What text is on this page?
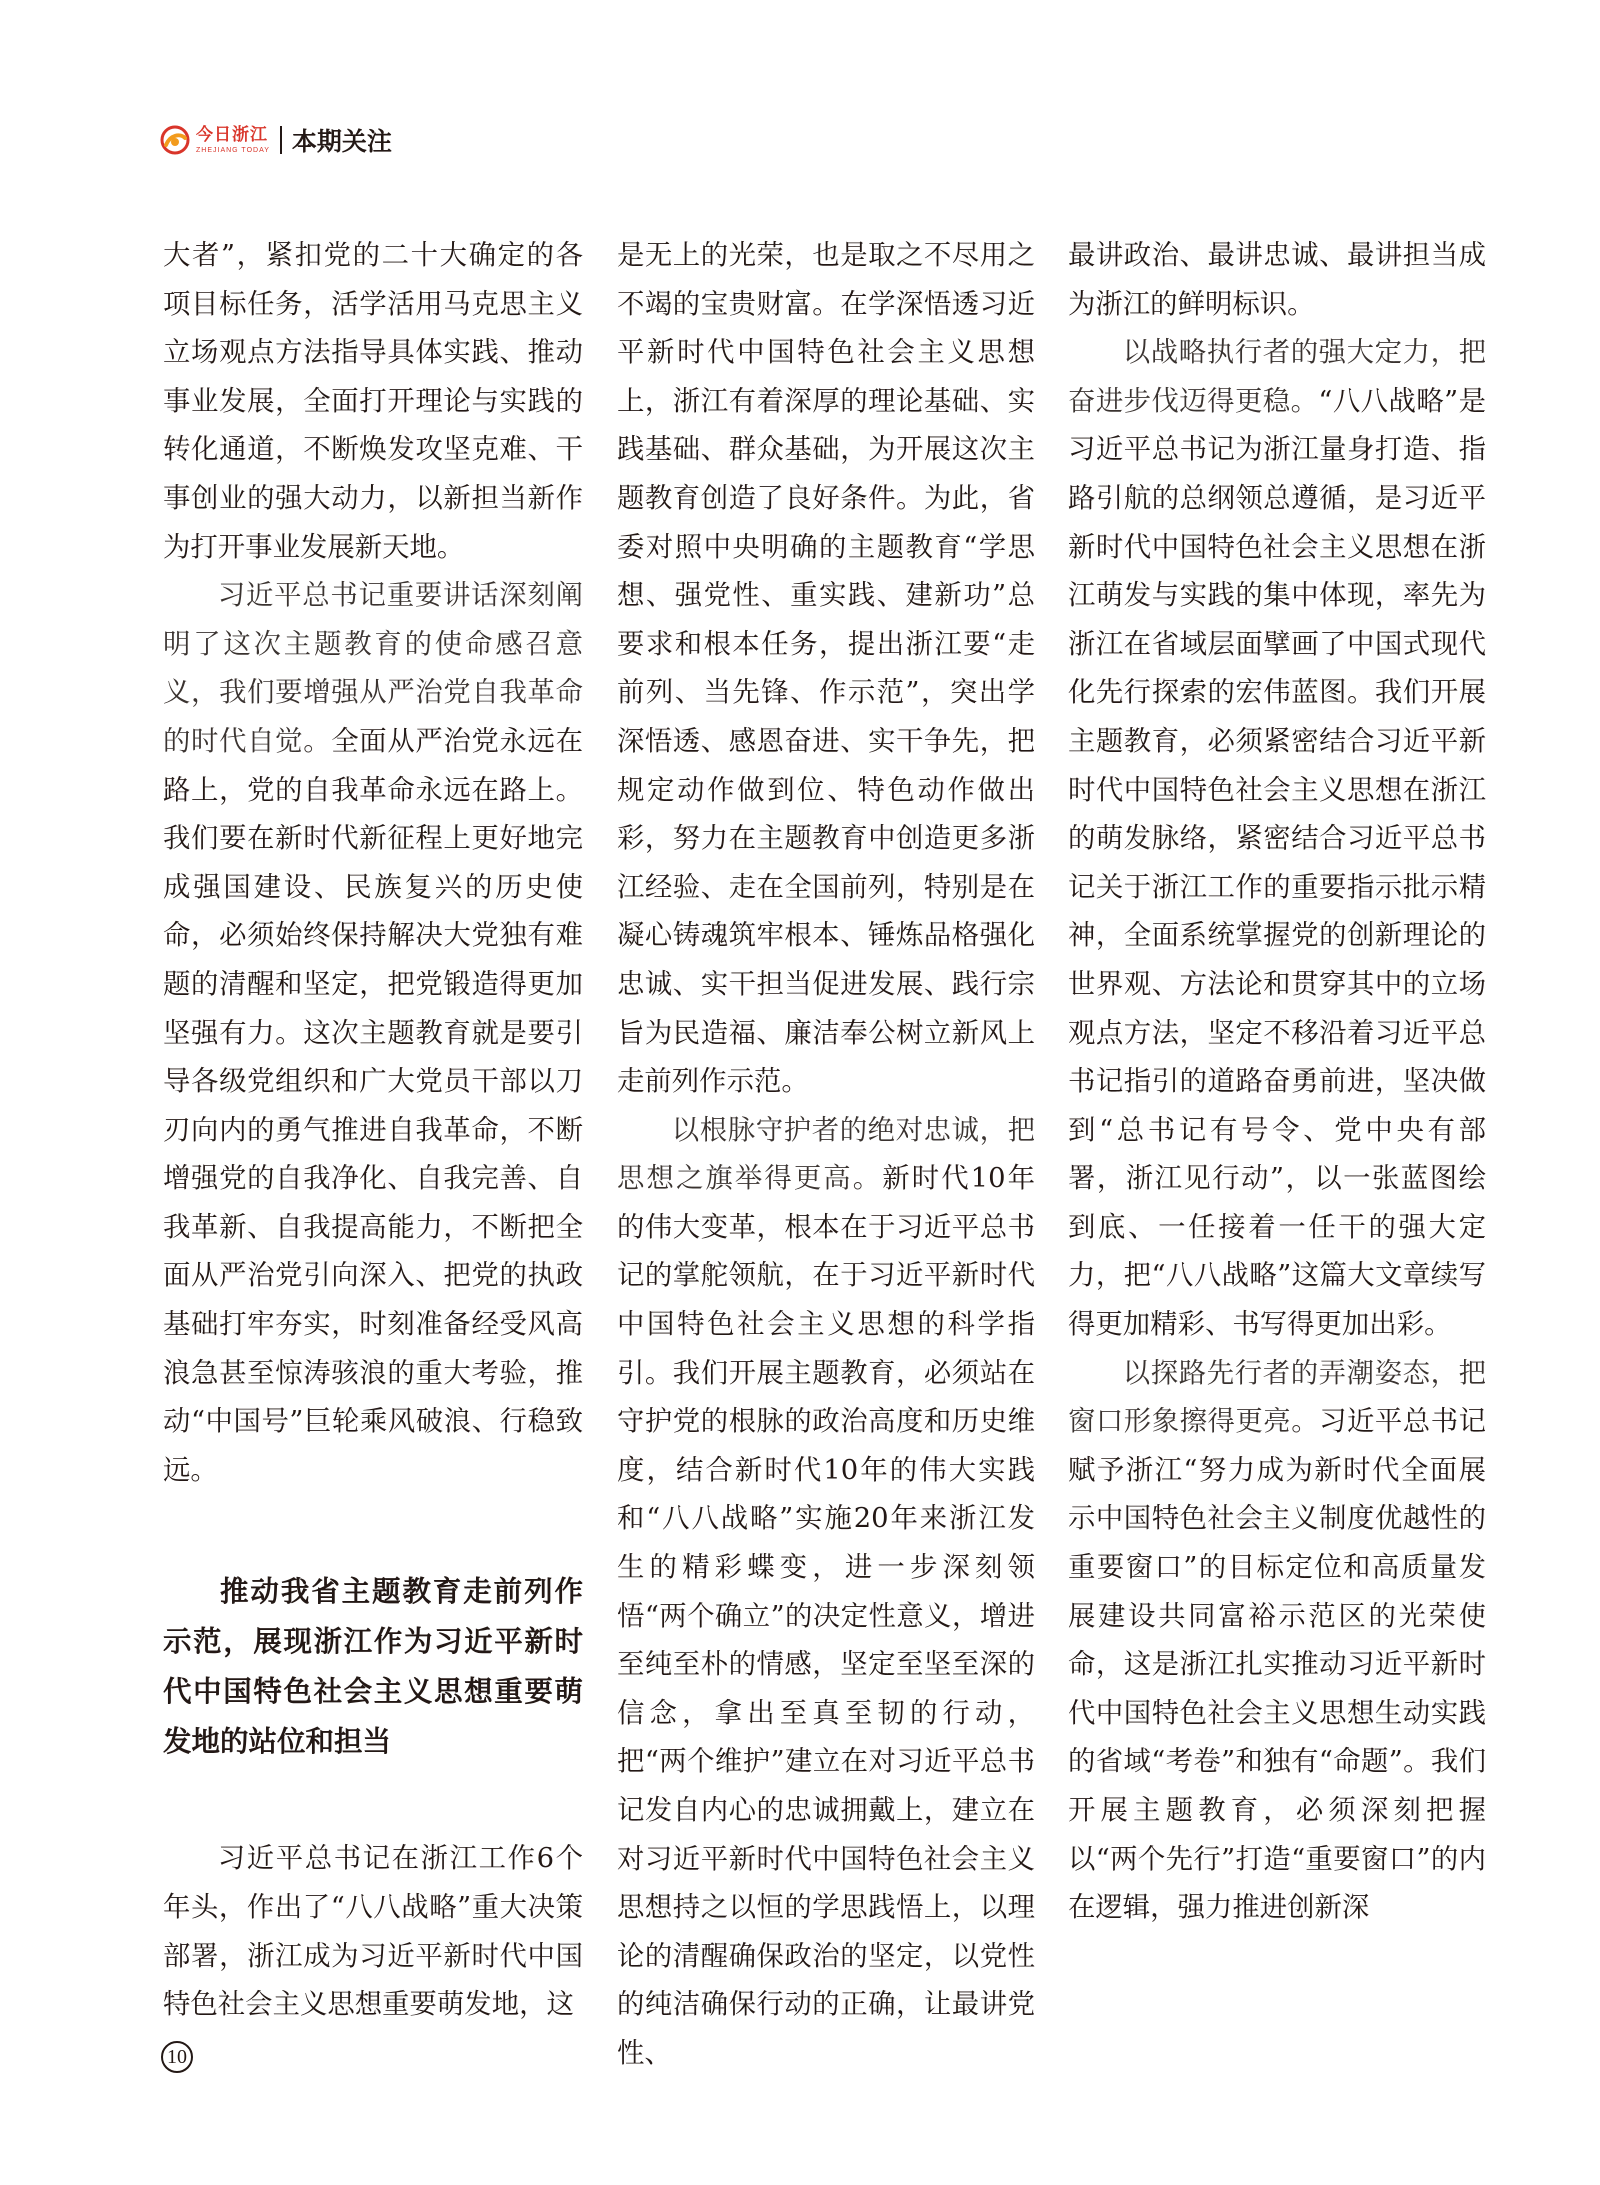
今日浙江
ZHEJIANG TODAY 本期关注

大者”，紧扣党的二十大确定的各项目标任务，活学活用马克思主义立场观点方法指导具体实践、推动事业发展，全面打开理论与实践的转化通道，不断焕发攻坚克难、干事创业的强大动力，以新担当新作为打开事业发展新天地。

习近平总书记重要讲话深刻阐明了这次主题教育的使命感召意义，我们要增强从严治党自我革命的时代自觉。全面从严治党永远在路上，党的自我革命永远在路上。我们要在新时代新征程上更好地完成强国建设、民族复兴的历史使命，必须始终保持解决大党独有难题的清醒和坚定，把党锻造得更加坚强有力。这次主题教育就是要引导各级党组织和广大党员干部以刀刃向内的勇气推进自我革命，不断增强党的自我净化、自我完善、自我革新、自我提高能力，不断把全面从严治党引向深入、把党的执政基础打牢夯实，时刻准备经受风高浪急甚至惊涛骇浪的重大考验，推动“中国号”巨轮乘风破浪、行稳致远。

推动我省主题教育走前列作示范，展现浙江作为习近平新时代中国特色社会主义思想重要萌发地的站位和担当

习近平总书记在浙江工作6个年头，作出了“八八战略”重大决策部署，浙江成为习近平新时代中国特色社会主义思想重要萌发地，这

是无上的光荣，也是取之不尽用之不竭的宝贵财富。在学深悟透习近平新时代中国特色社会主义思想上，浙江有着深厚的理论基础、实践基础、群众基础，为开展这次主题教育创造了良好条件。为此，省委对照中央明确的主题教育“学思想、强党性、重实践、建新功”总要求和根本任务，提出浙江要“走前列、当先锋、作示范”，突出学深悟透、感恩奋进、实干争先，把规定动作做到位、特色动作做出彩，努力在主题教育中创造更多浙江经验、走在全国前列，特别是在凝心铸魂筑牢根本、锤炼品格强化忠诚、实干担当促进发展、践行宗旨为民造福、廉洁奉公树立新风上走前列作示范。

以根脉守护者的绝对忠诚，把思想之旗举得更高。新时代10年的伟大变革，根本在于习近平总书记的掌舵领航，在于习近平新时代中国特色社会主义思想的科学指引。我们开展主题教育，必须站在守护党的根脉的政治高度和历史维度，结合新时代10年的伟大实践和“八八战略”实施20年来浙江发生的精彩蝶变，进一步深刻领悟“两个确立”的决定性意义，增进至纯至朴的情感，坚定至坚至深的信念，拿出至真至韧的行动，把“两个维护”建立在对习近平总书记发自内心的忠诚拥戴上，建立在对习近平新时代中国特色社会主义思想持之以恒的学思践悟上，以理论的清醒确保政治的坚定，以党性的纯洁确保行动的正确，让最讲党性、

最讲政治、最讲忠诚、最讲担当成为浙江的鲜明标识。

以战略执行者的强大定力，把奋进步伐迈得更稳。“八八战略”是习近平总书记为浙江量身打造、指路引航的总纲领总遵循，是习近平新时代中国特色社会主义思想在浙江萌发与实践的集中体现，率先为浙江在省域层面擘画了中国式现代化先行探索的宏伟蓝图。我们开展主题教育，必须紧密结合习近平新时代中国特色社会主义思想在浙江的萌发脉络，紧密结合习近平总书记关于浙江工作的重要指示批示精神，全面系统掌握党的创新理论的世界观、方法论和贯穿其中的立场观点方法，坚定不移沿着习近平总书记指引的道路奋勇前进，坚决做到“总书记有号令、党中央有部署，浙江见行动”，以一张蓝图绘到底、一任接着一任干的强大定力，把“八八战略”这篇大文章续写得更加精彩、书写得更加出彩。

以探路先行者的弄潮姿态，把窗口形象擦得更亮。习近平总书记赋予浙江“努力成为新时代全面展示中国特色社会主义制度优越性的重要窗口”的目标定位和高质量发展建设共同富裕示范区的光荣使命，这是浙江扎实推动习近平新时代中国特色社会主义思想生动实践的省域“考卷”和独有“命题”。我们开展主题教育，必须深刻把握以“两个先行”打造“重要窗口”的内在逻辑，强力推进创新深

10
